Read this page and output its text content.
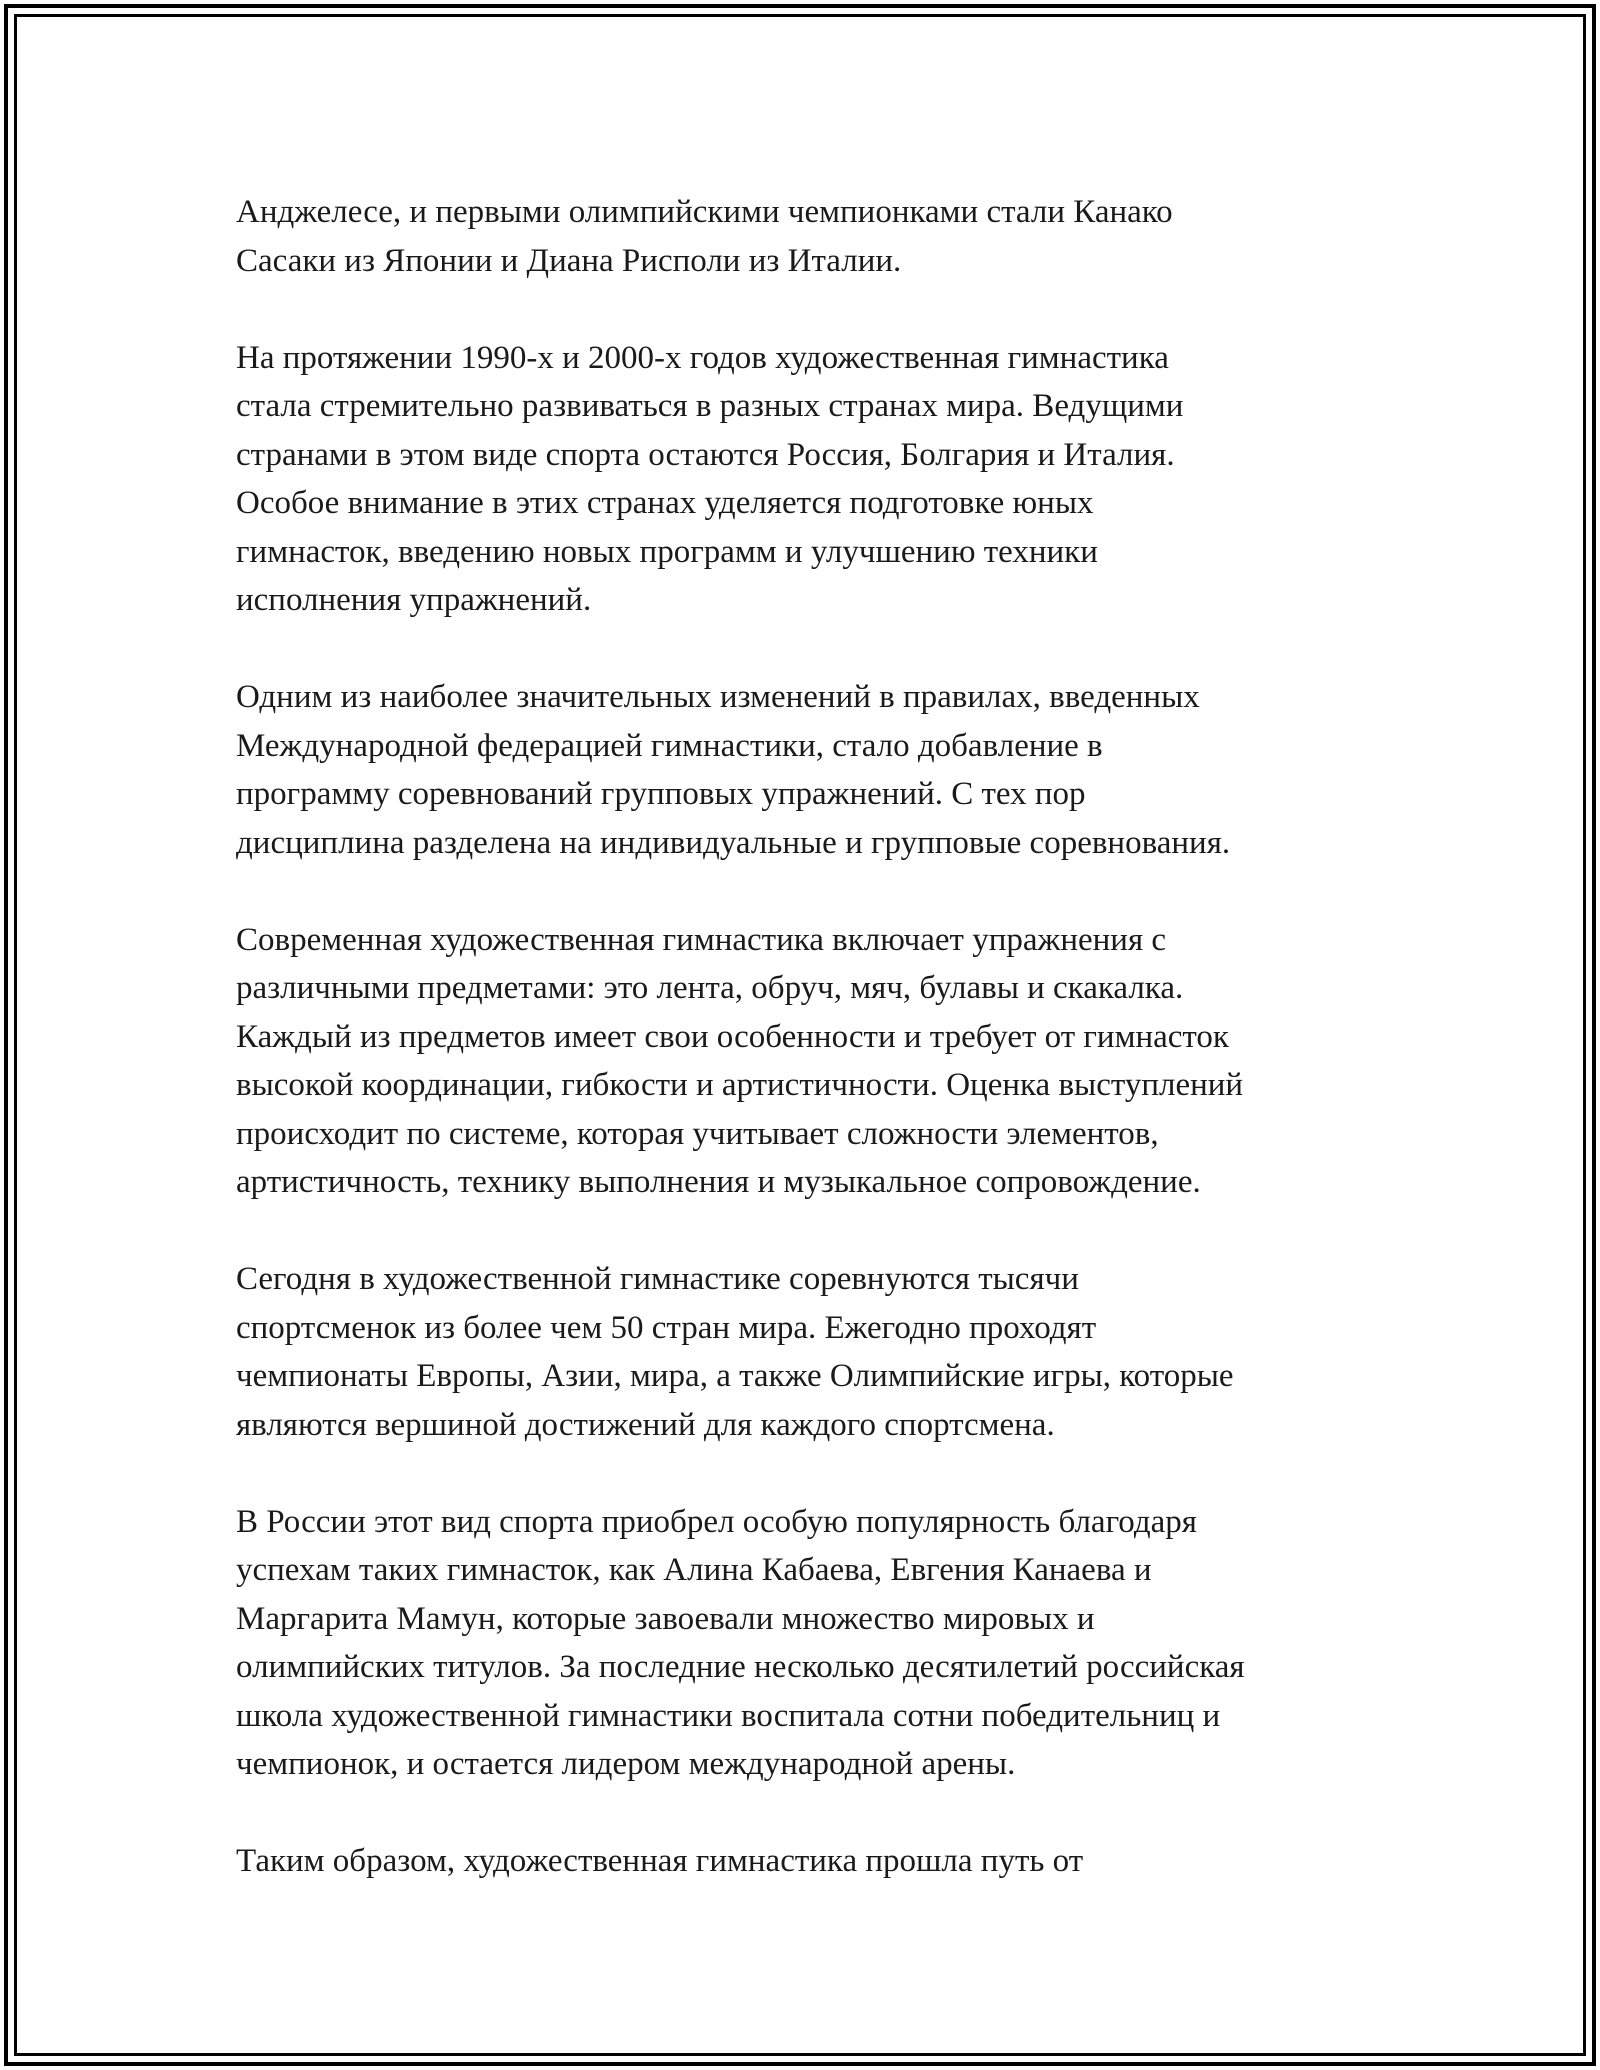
Анджелесе, и первыми олимпийскими чемпионками стали Канако
Сасаки из Японии и Диана Рисполи из Италии.

На протяжении 1990-х и 2000-х годов художественная гимнастика
стала стремительно развиваться в разных странах мира. Ведущими
странами в этом виде спорта остаются Россия, Болгария и Италия.
Особое внимание в этих странах уделяется подготовке юных
гимнасток, введению новых программ и улучшению техники
исполнения упражнений.

Одним из наиболее значительных изменений в правилах, введенных
Международной федерацией гимнастики, стало добавление в
программу соревнований групповых упражнений. С тех пор
дисциплина разделена на индивидуальные и групповые соревнования.

Современная художественная гимнастика включает упражнения с
различными предметами: это лента, обруч, мяч, булавы и скакалка.
Каждый из предметов имеет свои особенности и требует от гимнасток
высокой координации, гибкости и артистичности. Оценка выступлений
происходит по системе, которая учитывает сложности элементов,
артистичность, технику выполнения и музыкальное сопровождение.

Сегодня в художественной гимнастике соревнуются тысячи
спортсменок из более чем 50 стран мира. Ежегодно проходят
чемпионаты Европы, Азии, мира, а также Олимпийские игры, которые
являются вершиной достижений для каждого спортсмена.

В России этот вид спорта приобрел особую популярность благодаря
успехам таких гимнасток, как Алина Кабаева, Евгения Канаева и
Маргарита Мамун, которые завоевали множество мировых и
олимпийских титулов. За последние несколько десятилетий российская
школа художественной гимнастики воспитала сотни победительниц и
чемпионок, и остается лидером международной арены.

Таким образом, художественная гимнастика прошла путь от
